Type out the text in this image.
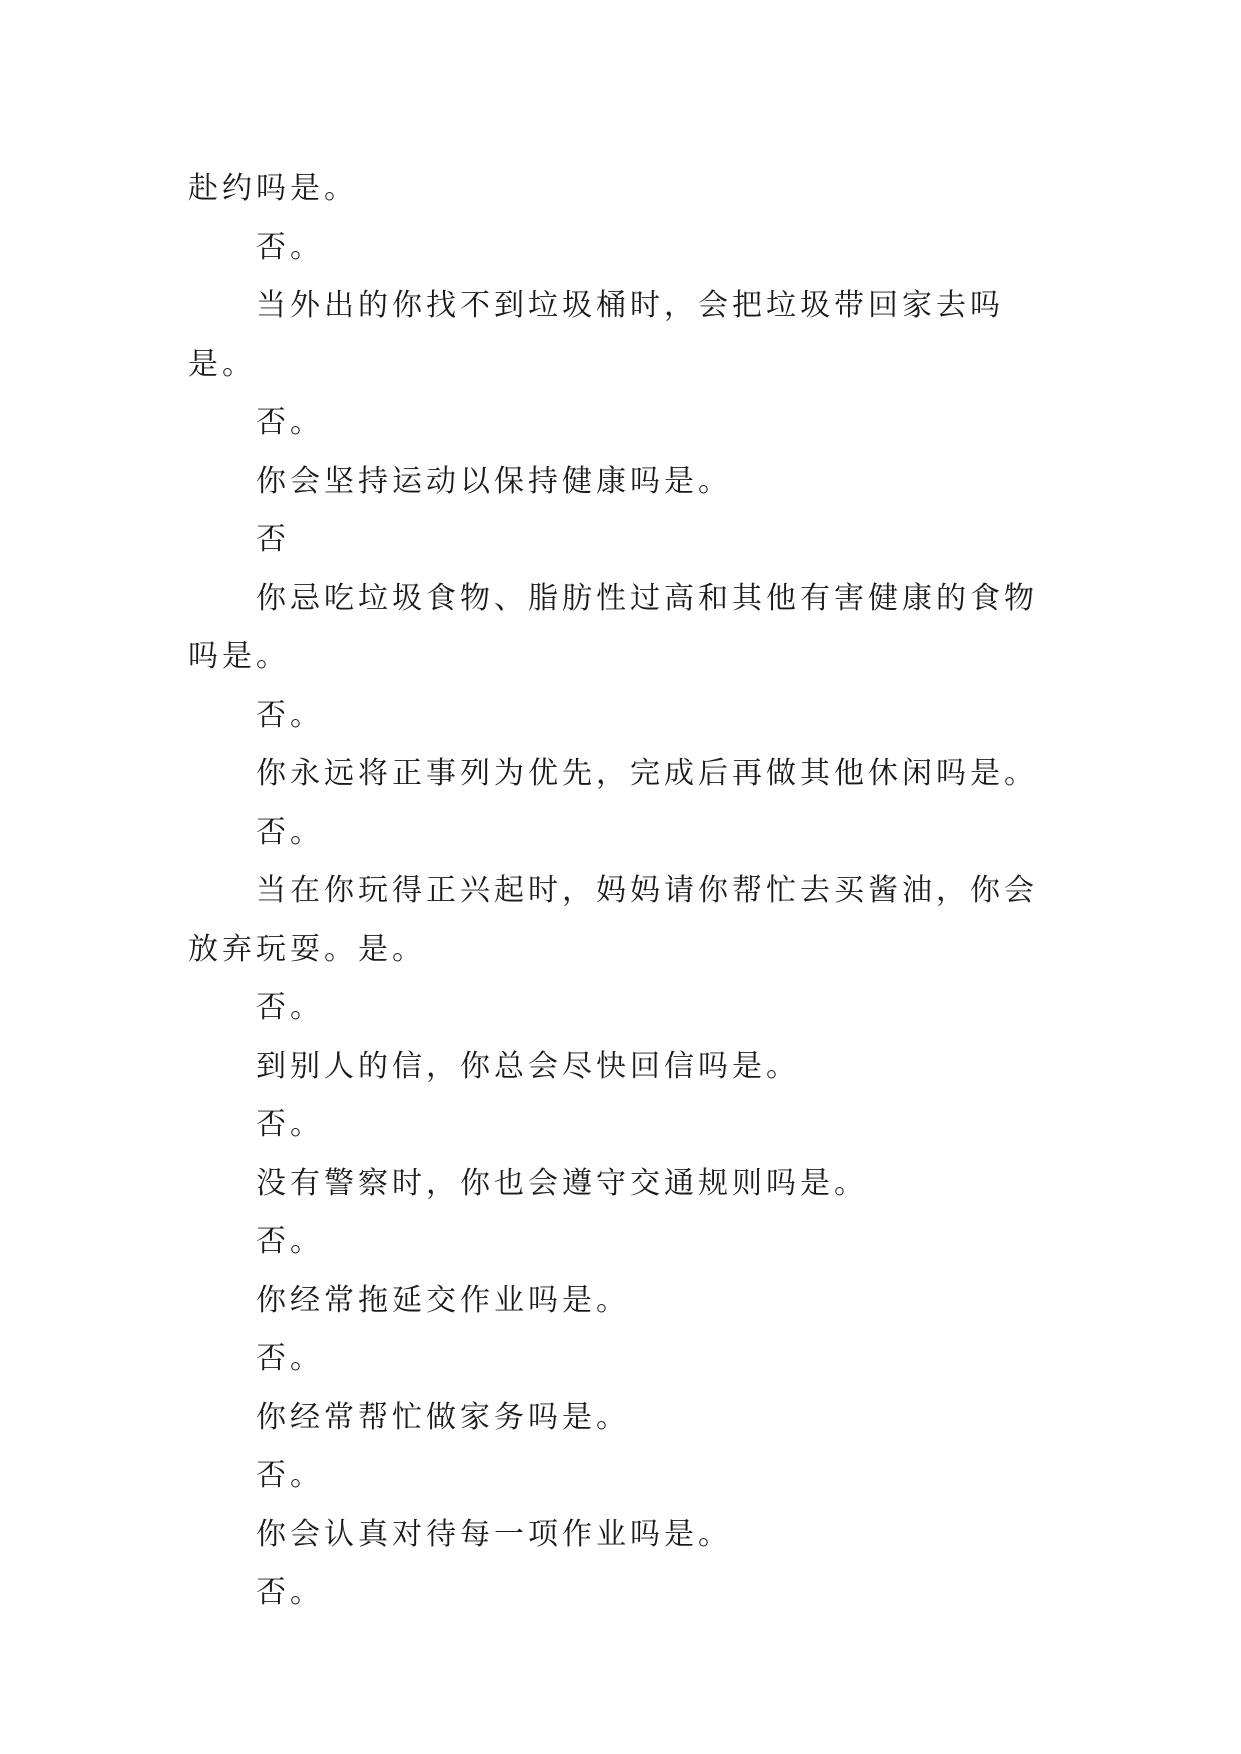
赴约吗是。

否。

当外出的你找不到垃圾桶时，会把垃圾带回家去吗是。

否。

你会坚持运动以保持健康吗是。

否

你忌吃垃圾食物、脂肪性过高和其他有害健康的食物吗是。

否。

你永远将正事列为优先，完成后再做其他休闲吗是。

否。

当在你玩得正兴起时，妈妈请你帮忙去买酱油，你会放弃玩耍。是。

否。

到别人的信，你总会尽快回信吗是。

否。

没有警察时，你也会遵守交通规则吗是。

否。

你经常拖延交作业吗是。

否。

你经常帮忙做家务吗是。

否。

你会认真对待每一项作业吗是。

否。
